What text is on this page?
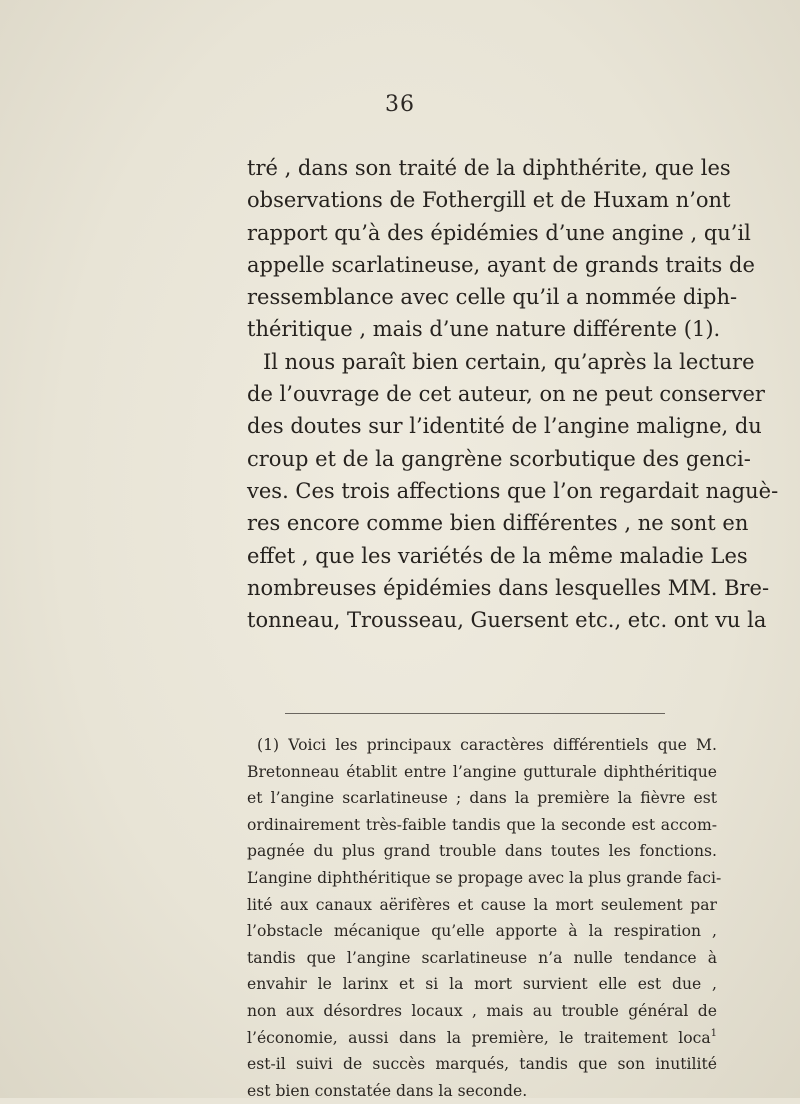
36
tré , dans son traité de la diphthérite, que les
observations de Fothergill et de Huxam n’ont
rapport qu’à des épidémies d’une angine , qu’il
appelle scarlatineuse, ayant de grands traits de
ressemblance avec celle qu’il a nommée diph-
théritique , mais d’une nature différente (1).
Il nous paraît bien certain, qu’après la lecture
de l’ouvrage de cet auteur, on ne peut conserver
des doutes sur l’identité de l’angine maligne, du
croup et de la gangrène scorbutique des genci-
ves. Ces trois affections que l’on regardait naguè-
res encore comme bien différentes , ne sont en
effet , que les variétés de la même maladie Les
nombreuses épidémies dans lesquelles MM. Bre-
tonneau, Trousseau, Guersent etc., etc. ont vu la
(1) Voici les principaux caractères différentiels que M.
Bretonneau établit entre l’angine gutturale diphthéritique
et l’angine scarlatineuse ; dans la première la fièvre est
ordinairement très-faible tandis que la seconde est accom-
pagnée du plus grand trouble dans toutes les fonctions.
L’angine diphthéritique se propage avec la plus grande faci-
lité aux canaux aërifères et cause la mort seulement par
l’obstacle mécanique qu’elle apporte à la respiration ,
tandis que l’angine scarlatineuse n’a nulle tendance à
envahir le larinx et si la mort survient elle est due ,
non aux désordres locaux , mais au trouble général de
l’économie, aussi dans la première, le traitement loca$^1$
est-il suivi de succès marqués, tandis que son inutilité
est bien constatée dans la seconde.
